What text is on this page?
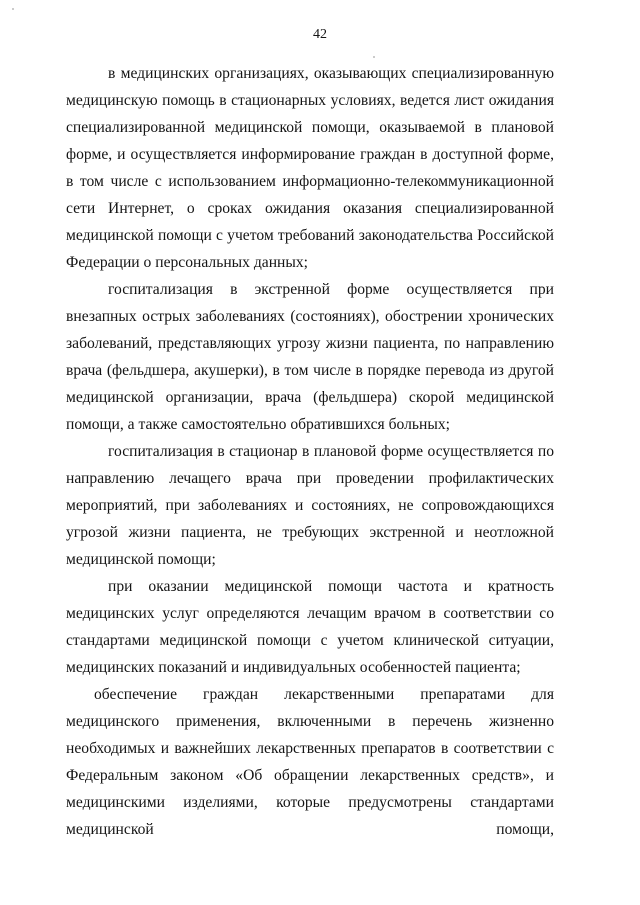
42

в медицинских организациях, оказывающих специализированную медицинскую помощь в стационарных условиях, ведется лист ожидания специализированной медицинской помощи, оказываемой в плановой форме, и осуществляется информирование граждан в доступной форме, в том числе с использованием информационно-телекоммуникационной сети Интернет, о сроках ожидания оказания специализированной медицинской помощи с учетом требований законодательства Российской Федерации о персональных данных;

госпитализация в экстренной форме осуществляется при внезапных острых заболеваниях (состояниях), обострении хронических заболеваний, представляющих угрозу жизни пациента, по направлению врача (фельдшера, акушерки), в том числе в порядке перевода из другой медицинской организации, врача (фельдшера) скорой медицинской помощи, а также самостоятельно обратившихся больных;

госпитализация в стационар в плановой форме осуществляется по направлению лечащего врача при проведении профилактических мероприятий, при заболеваниях и состояниях, не сопровождающихся угрозой жизни пациента, не требующих экстренной и неотложной медицинской помощи;

при оказании медицинской помощи частота и кратность медицинских услуг определяются лечащим врачом в соответствии со стандартами медицинской помощи с учетом клинической ситуации, медицинских показаний и индивидуальных особенностей пациента;

обеспечение граждан лекарственными препаратами для медицинского применения, включенными в перечень жизненно необходимых и важнейших лекарственных препаратов в соответствии с Федеральным законом «Об обращении лекарственных средств», и медицинскими изделиями, которые предусмотрены стандартами медицинской помощи,
